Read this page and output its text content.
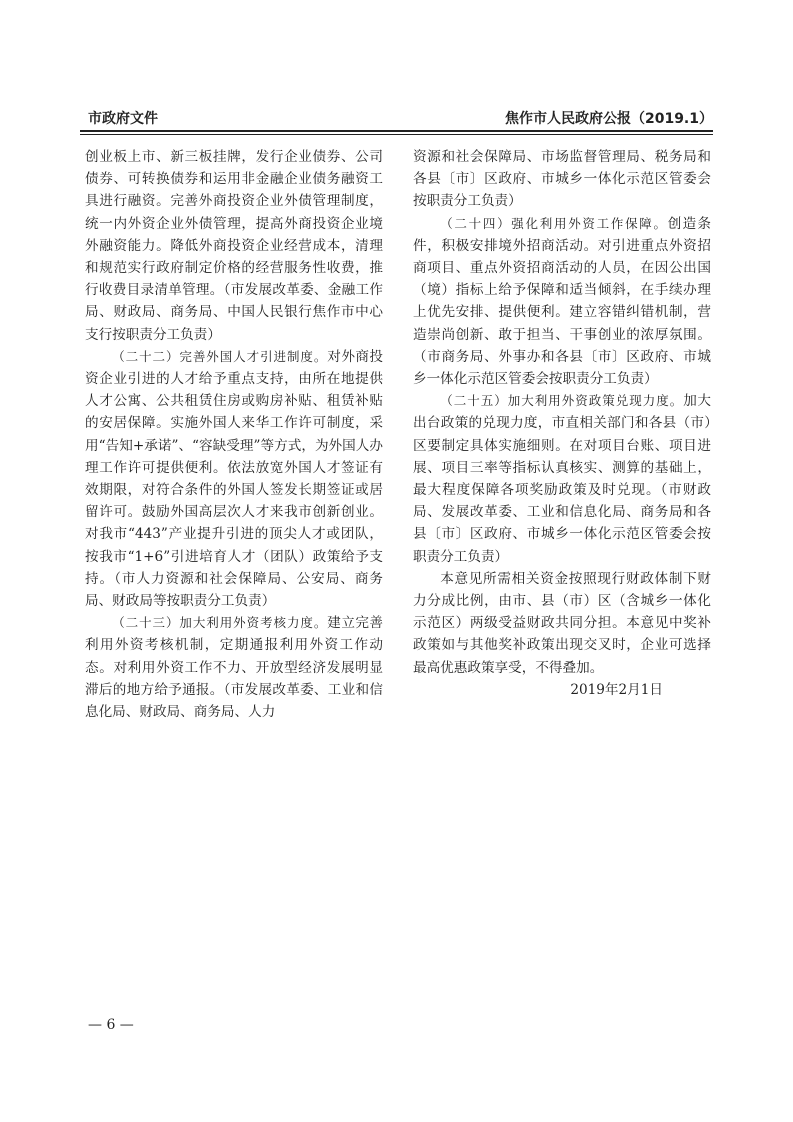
市政府文件	焦作市人民政府公报（2019.1）

创业板上市、新三板挂牌，发行企业债券、公司债券、可转换债券和运用非金融企业债务融资工具进行融资。完善外商投资企业外债管理制度，统一内外资企业外债管理，提高外商投资企业境外融资能力。降低外商投资企业经营成本，清理和规范实行政府制定价格的经营服务性收费，推行收费目录清单管理。（市发展改革委、金融工作局、财政局、商务局、中国人民银行焦作市中心支行按职责分工负责）

（二十二）完善外国人才引进制度。对外商投资企业引进的人才给予重点支持，由所在地提供人才公寓、公共租赁住房或购房补贴、租赁补贴的安居保障。实施外国人来华工作许可制度，采用“告知+承诺”、“容缺受理”等方式，为外国人办理工作许可提供便利。依法放宽外国人才签证有效期限，对符合条件的外国人签发长期签证或居留许可。鼓励外国高层次人才来我市创新创业。对我市“443”产业提升引进的顶尖人才或团队，按我市“1+6”引进培育人才（团队）政策给予支持。（市人力资源和社会保障局、公安局、商务局、财政局等按职责分工负责）

（二十三）加大利用外资考核力度。建立完善利用外资考核机制，定期通报利用外资工作动态。对利用外资工作不力、开放型经济发展明显滞后的地方给予通报。（市发展改革委、工业和信息化局、财政局、商务局、人力

资源和社会保障局、市场监督管理局、税务局和各县〔市〕区政府、市城乡一体化示范区管委会按职责分工负责）

（二十四）强化利用外资工作保障。创造条件，积极安排境外招商活动。对引进重点外资招商项目、重点外资招商活动的人员，在因公出国（境）指标上给予保障和适当倾斜，在手续办理上优先安排、提供便利。建立容错纠错机制，营造崇尚创新、敢于担当、干事创业的浓厚氛围。（市商务局、外事办和各县〔市〕区政府、市城乡一体化示范区管委会按职责分工负责）

（二十五）加大利用外资政策兑现力度。加大出台政策的兑现力度，市直相关部门和各县（市）区要制定具体实施细则。在对项目台账、项目进展、项目三率等指标认真核实、测算的基础上，最大程度保障各项奖励政策及时兑现。（市财政局、发展改革委、工业和信息化局、商务局和各县〔市〕区政府、市城乡一体化示范区管委会按职责分工负责）

本意见所需相关资金按照现行财政体制下财力分成比例，由市、县（市）区（含城乡一体化示范区）两级受益财政共同分担。本意见中奖补政策如与其他奖补政策出现交叉时，企业可选择最高优惠政策享受，不得叠加。

2019年2月1日

— 6 —
